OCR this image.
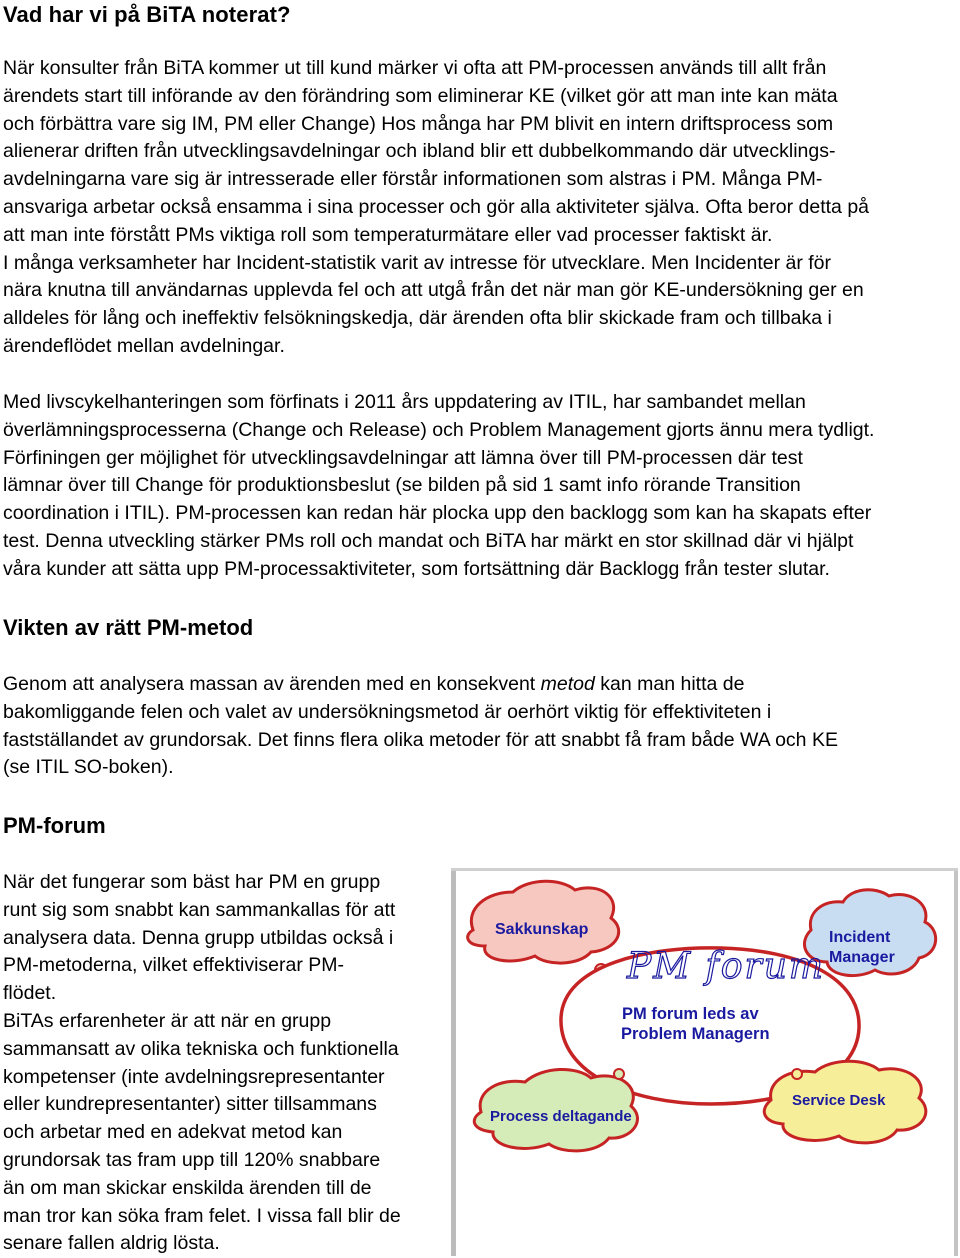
Vad har vi på BiTA noterat?
När konsulter från BiTA kommer ut till kund märker vi ofta att PM-processen används till allt från
ärendets start till införande av den förändring som eliminerar KE (vilket gör att man inte kan mäta
och förbättra vare sig IM, PM eller Change) Hos många har PM blivit en intern driftsprocess som
alienerar driften från utvecklingsavdelningar och ibland blir ett dubbelkommando där utvecklings-
avdelningarna vare sig är intresserade eller förstår informationen som alstras i PM. Många PM-
ansvariga arbetar också ensamma i sina processer och gör alla aktiviteter själva. Ofta beror detta på
att man inte förstått PMs viktiga roll som temperaturmätare eller vad processer faktiskt är.
I många verksamheter har Incident-statistik varit av intresse för utvecklare. Men Incidenter är för
nära knutna till användarnas upplevda fel och att utgå från det när man gör KE-undersökning ger en
alldeles för lång och ineffektiv felsökningskedja, där ärenden ofta blir skickade fram och tillbaka i
ärendeflödet mellan avdelningar.
Med livscykelhanteringen som förfinats i 2011 års uppdatering av ITIL, har sambandet mellan
överlämningsprocesserna (Change och Release) och Problem Management gjorts ännu mera tydligt.
Förfiningen ger möjlighet för utvecklingsavdelningar att lämna över till PM-processen där test
lämnar över till Change för produktionsbeslut (se bilden på sid 1 samt info rörande Transition
coordination i ITIL). PM-processen kan redan här plocka upp den backlogg som kan ha skapats efter
test. Denna utveckling stärker PMs roll och mandat och BiTA har märkt en stor skillnad där vi hjälpt
våra kunder att sätta upp PM-processaktiviteter, som fortsättning där Backlogg från tester slutar.
Vikten av rätt PM-metod
Genom att analysera massan av ärenden med en konsekvent metod kan man hitta de
bakomliggande felen och valet av undersökningsmetod är oerhört viktig för effektiviteten i
fastställandet av grundorsak. Det finns flera olika metoder för att snabbt få fram både WA och KE
(se ITIL SO-boken).
PM-forum
När det fungerar som bäst har PM en grupp
runt sig som snabbt kan sammankallas för att
analysera data. Denna grupp utbildas också i
PM-metoderna, vilket effektiviserar PM-
flödet.
BiTAs erfarenheter är att när en grupp
sammansatt av olika tekniska och funktionella
kompetenser (inte avdelningsrepresentanter
eller kundrepresentanter) sitter tillsammans
och arbetar med en adekvat metod kan
grundorsak tas fram upp till 120% snabbare
än om man skickar enskilda ärenden till de
man tror kan söka fram felet. I vissa fall blir de
senare fallen aldrig lösta.
PM forum
PM forum leds av
Problem Managern
Sakkunskap	Incident
Manager
Process deltagande
Service Desk
